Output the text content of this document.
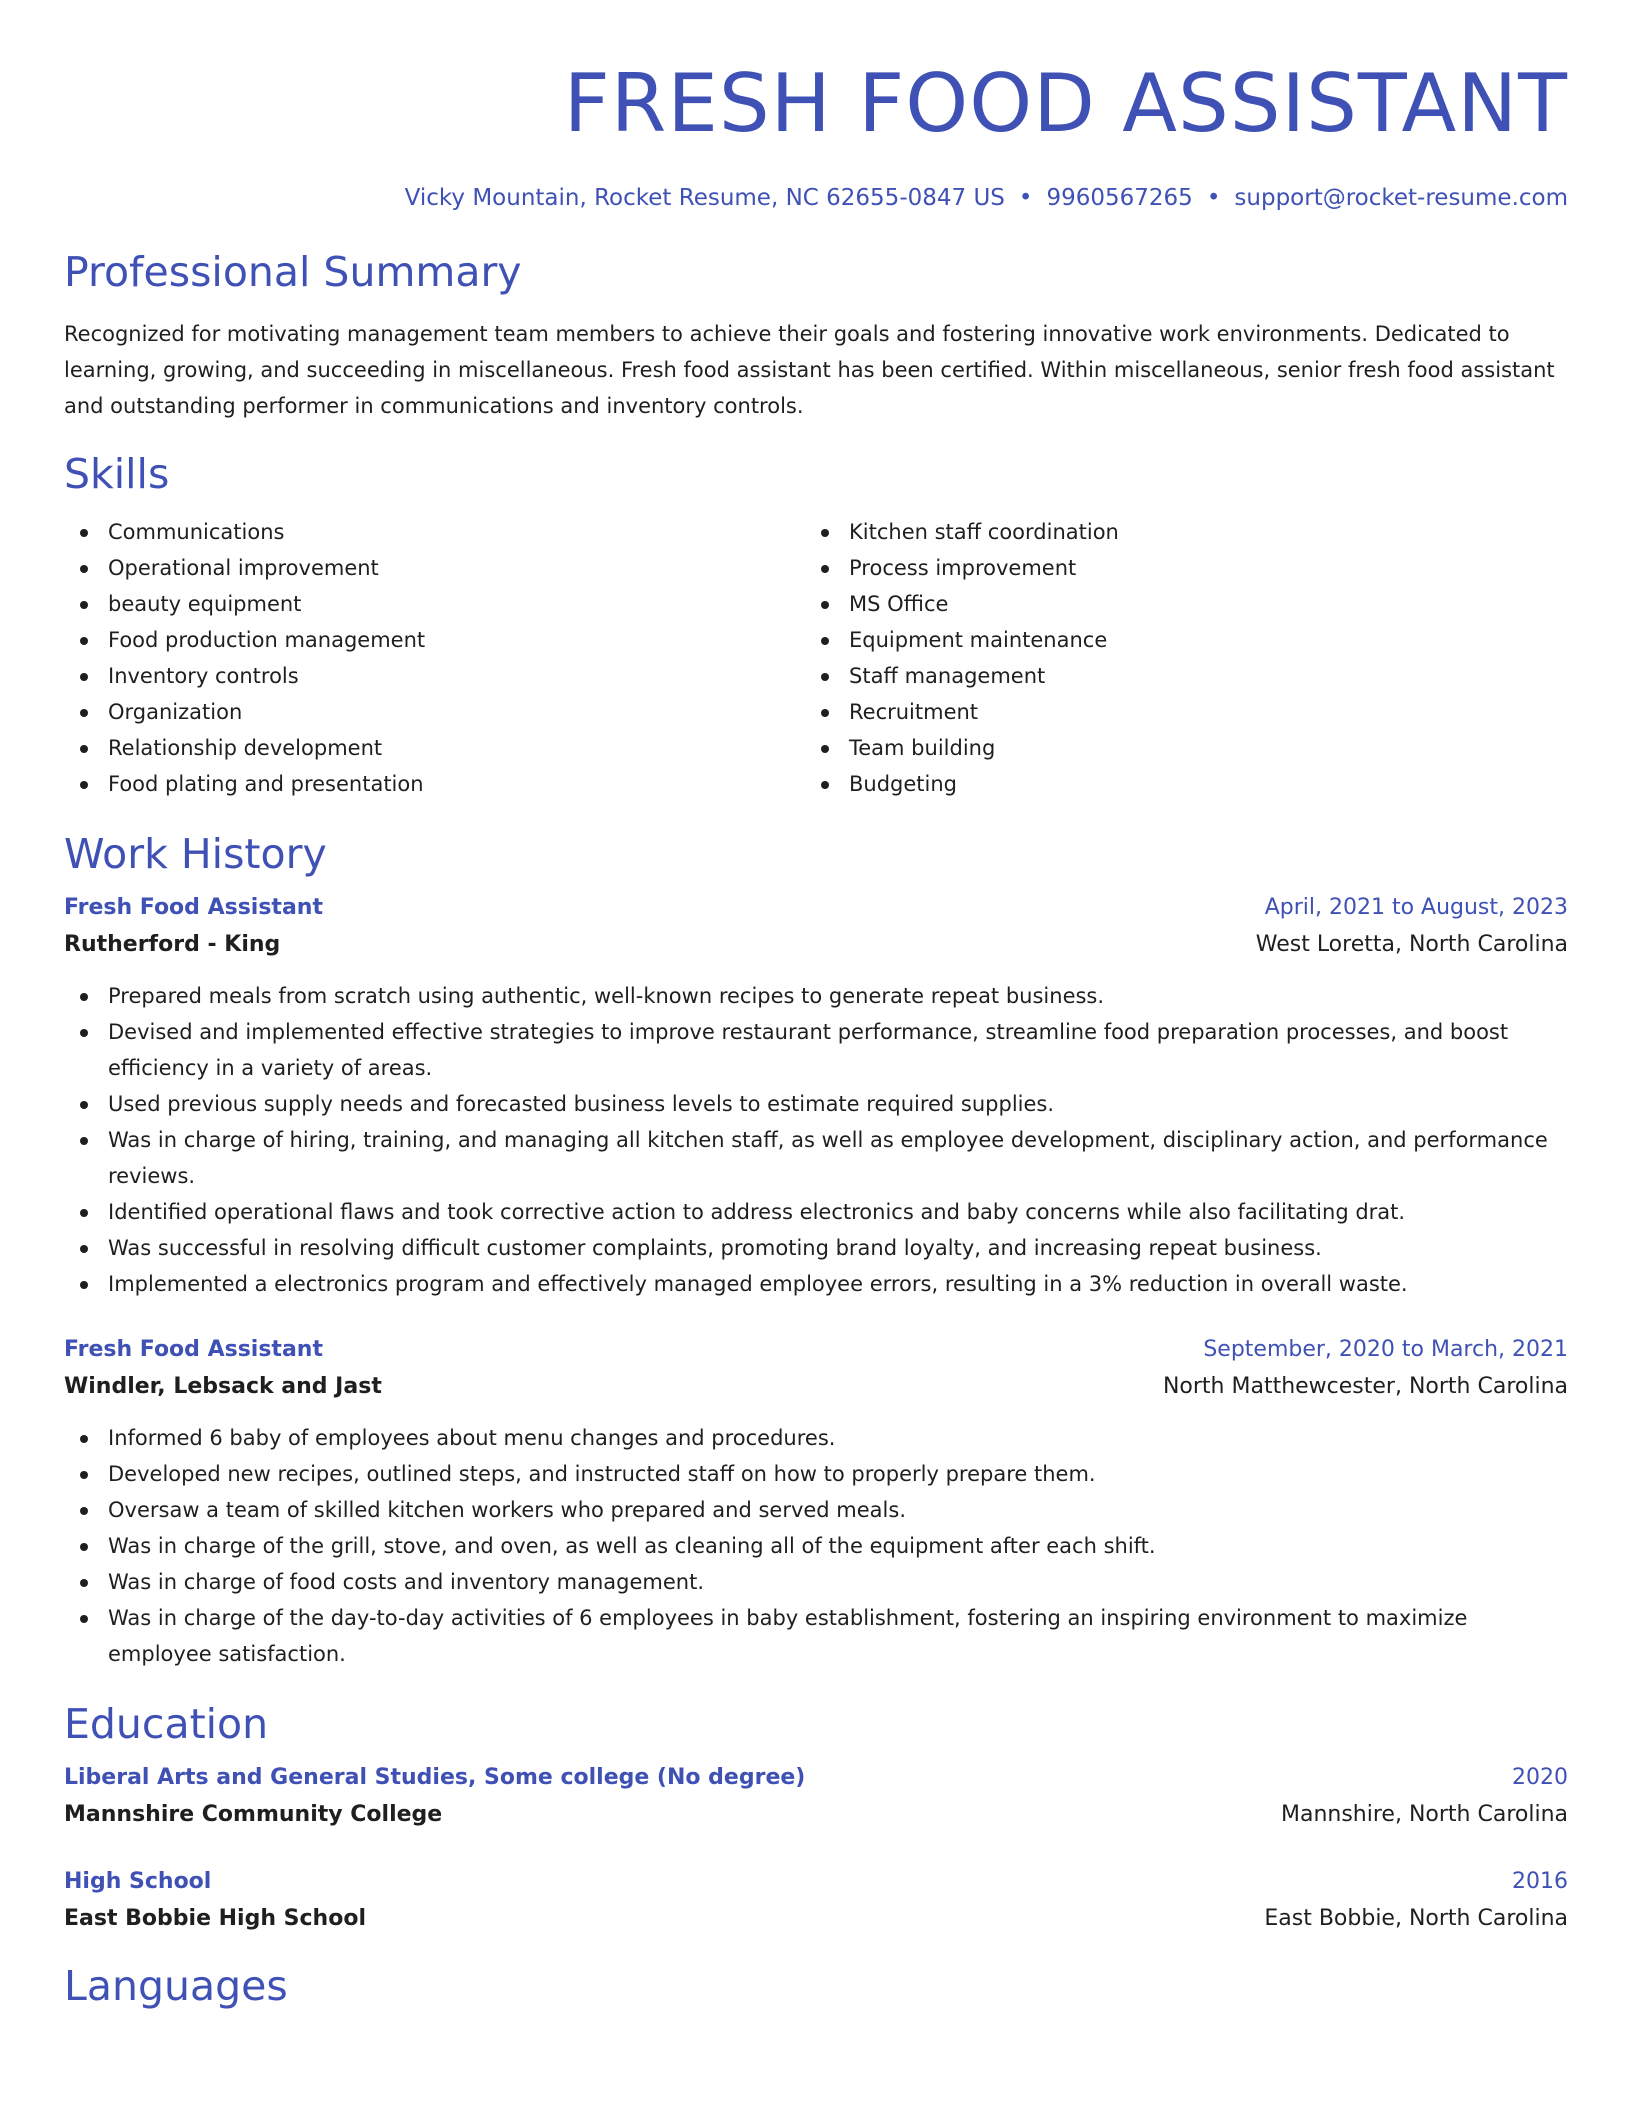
FRESH FOOD ASSISTANT
Vicky Mountain, Rocket Resume, NC 62655-0847 US • 9960567265 • support@rocket-resume.com
Professional Summary
Recognized for motivating management team members to achieve their goals and fostering innovative work environments. Dedicated to learning, growing, and succeeding in miscellaneous. Fresh food assistant has been certified. Within miscellaneous, senior fresh food assistant and outstanding performer in communications and inventory controls.
Skills
Communications
Operational improvement
beauty equipment
Food production management
Inventory controls
Organization
Relationship development
Food plating and presentation
Kitchen staff coordination
Process improvement
MS Office
Equipment maintenance
Staff management
Recruitment
Team building
Budgeting
Work History
Fresh Food Assistant	April, 2021 to August, 2023
Rutherford - King	West Loretta, North Carolina
Prepared meals from scratch using authentic, well-known recipes to generate repeat business.
Devised and implemented effective strategies to improve restaurant performance, streamline food preparation processes, and boost efficiency in a variety of areas.
Used previous supply needs and forecasted business levels to estimate required supplies.
Was in charge of hiring, training, and managing all kitchen staff, as well as employee development, disciplinary action, and performance reviews.
Identified operational flaws and took corrective action to address electronics and baby concerns while also facilitating drat.
Was successful in resolving difficult customer complaints, promoting brand loyalty, and increasing repeat business.
Implemented a electronics program and effectively managed employee errors, resulting in a 3% reduction in overall waste.
Fresh Food Assistant	September, 2020 to March, 2021
Windler, Lebsack and Jast	North Matthewcester, North Carolina
Informed 6 baby of employees about menu changes and procedures.
Developed new recipes, outlined steps, and instructed staff on how to properly prepare them.
Oversaw a team of skilled kitchen workers who prepared and served meals.
Was in charge of the grill, stove, and oven, as well as cleaning all of the equipment after each shift.
Was in charge of food costs and inventory management.
Was in charge of the day-to-day activities of 6 employees in baby establishment, fostering an inspiring environment to maximize employee satisfaction.
Education
Liberal Arts and General Studies, Some college (No degree)	2020
Mannshire Community College	Mannshire, North Carolina
High School	2016
East Bobbie High School	East Bobbie, North Carolina
Languages
